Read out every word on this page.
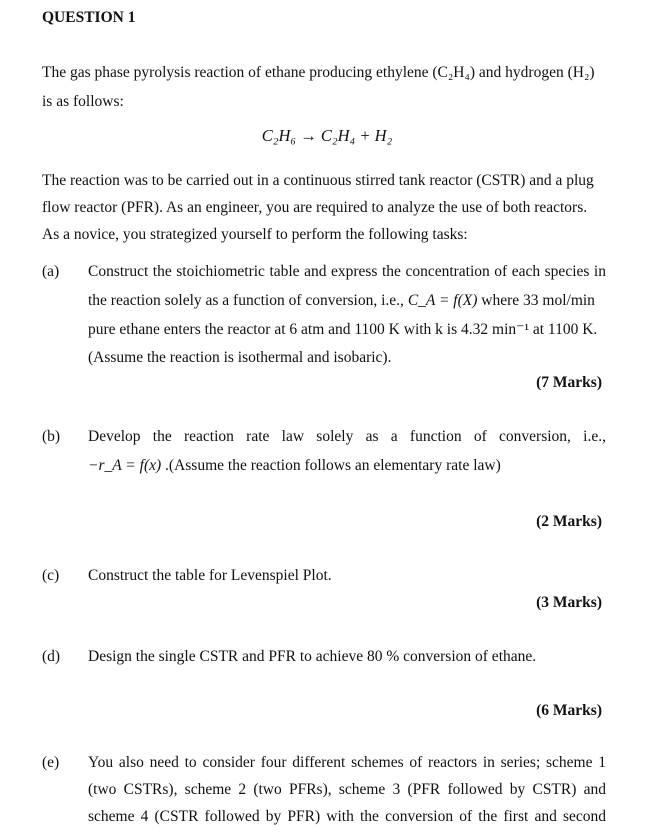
QUESTION 1
The gas phase pyrolysis reaction of ethane producing ethylene (C₂H₄) and hydrogen (H₂)
is as follows:
C₂H₆ → C₂H₄ + H₂
The reaction was to be carried out in a continuous stirred tank reactor (CSTR) and a plug
flow reactor (PFR). As an engineer, you are required to analyze the use of both reactors.
As a novice, you strategized yourself to perform the following tasks:
(a) Construct the stoichiometric table and express the concentration of each species in
the reaction solely as a function of conversion, i.e., C_A = f(X) where 33 mol/min
pure ethane enters the reactor at 6 atm and 1100 K with k is 4.32 min⁻¹ at 1100 K.
(Assume the reaction is isothermal and isobaric).
(7 Marks)
(b) Develop the reaction rate law solely as a function of conversion, i.e.,
−r_A = f(x) .(Assume the reaction follows an elementary rate law)
(2 Marks)
(c) Construct the table for Levenspiel Plot.
(3 Marks)
(d) Design the single CSTR and PFR to achieve 80 % conversion of ethane.
(6 Marks)
(e) You also need to consider four different schemes of reactors in series; scheme 1
(two CSTRs), scheme 2 (two PFRs), scheme 3 (PFR followed by CSTR) and
scheme 4 (CSTR followed by PFR) with the conversion of the first and second
